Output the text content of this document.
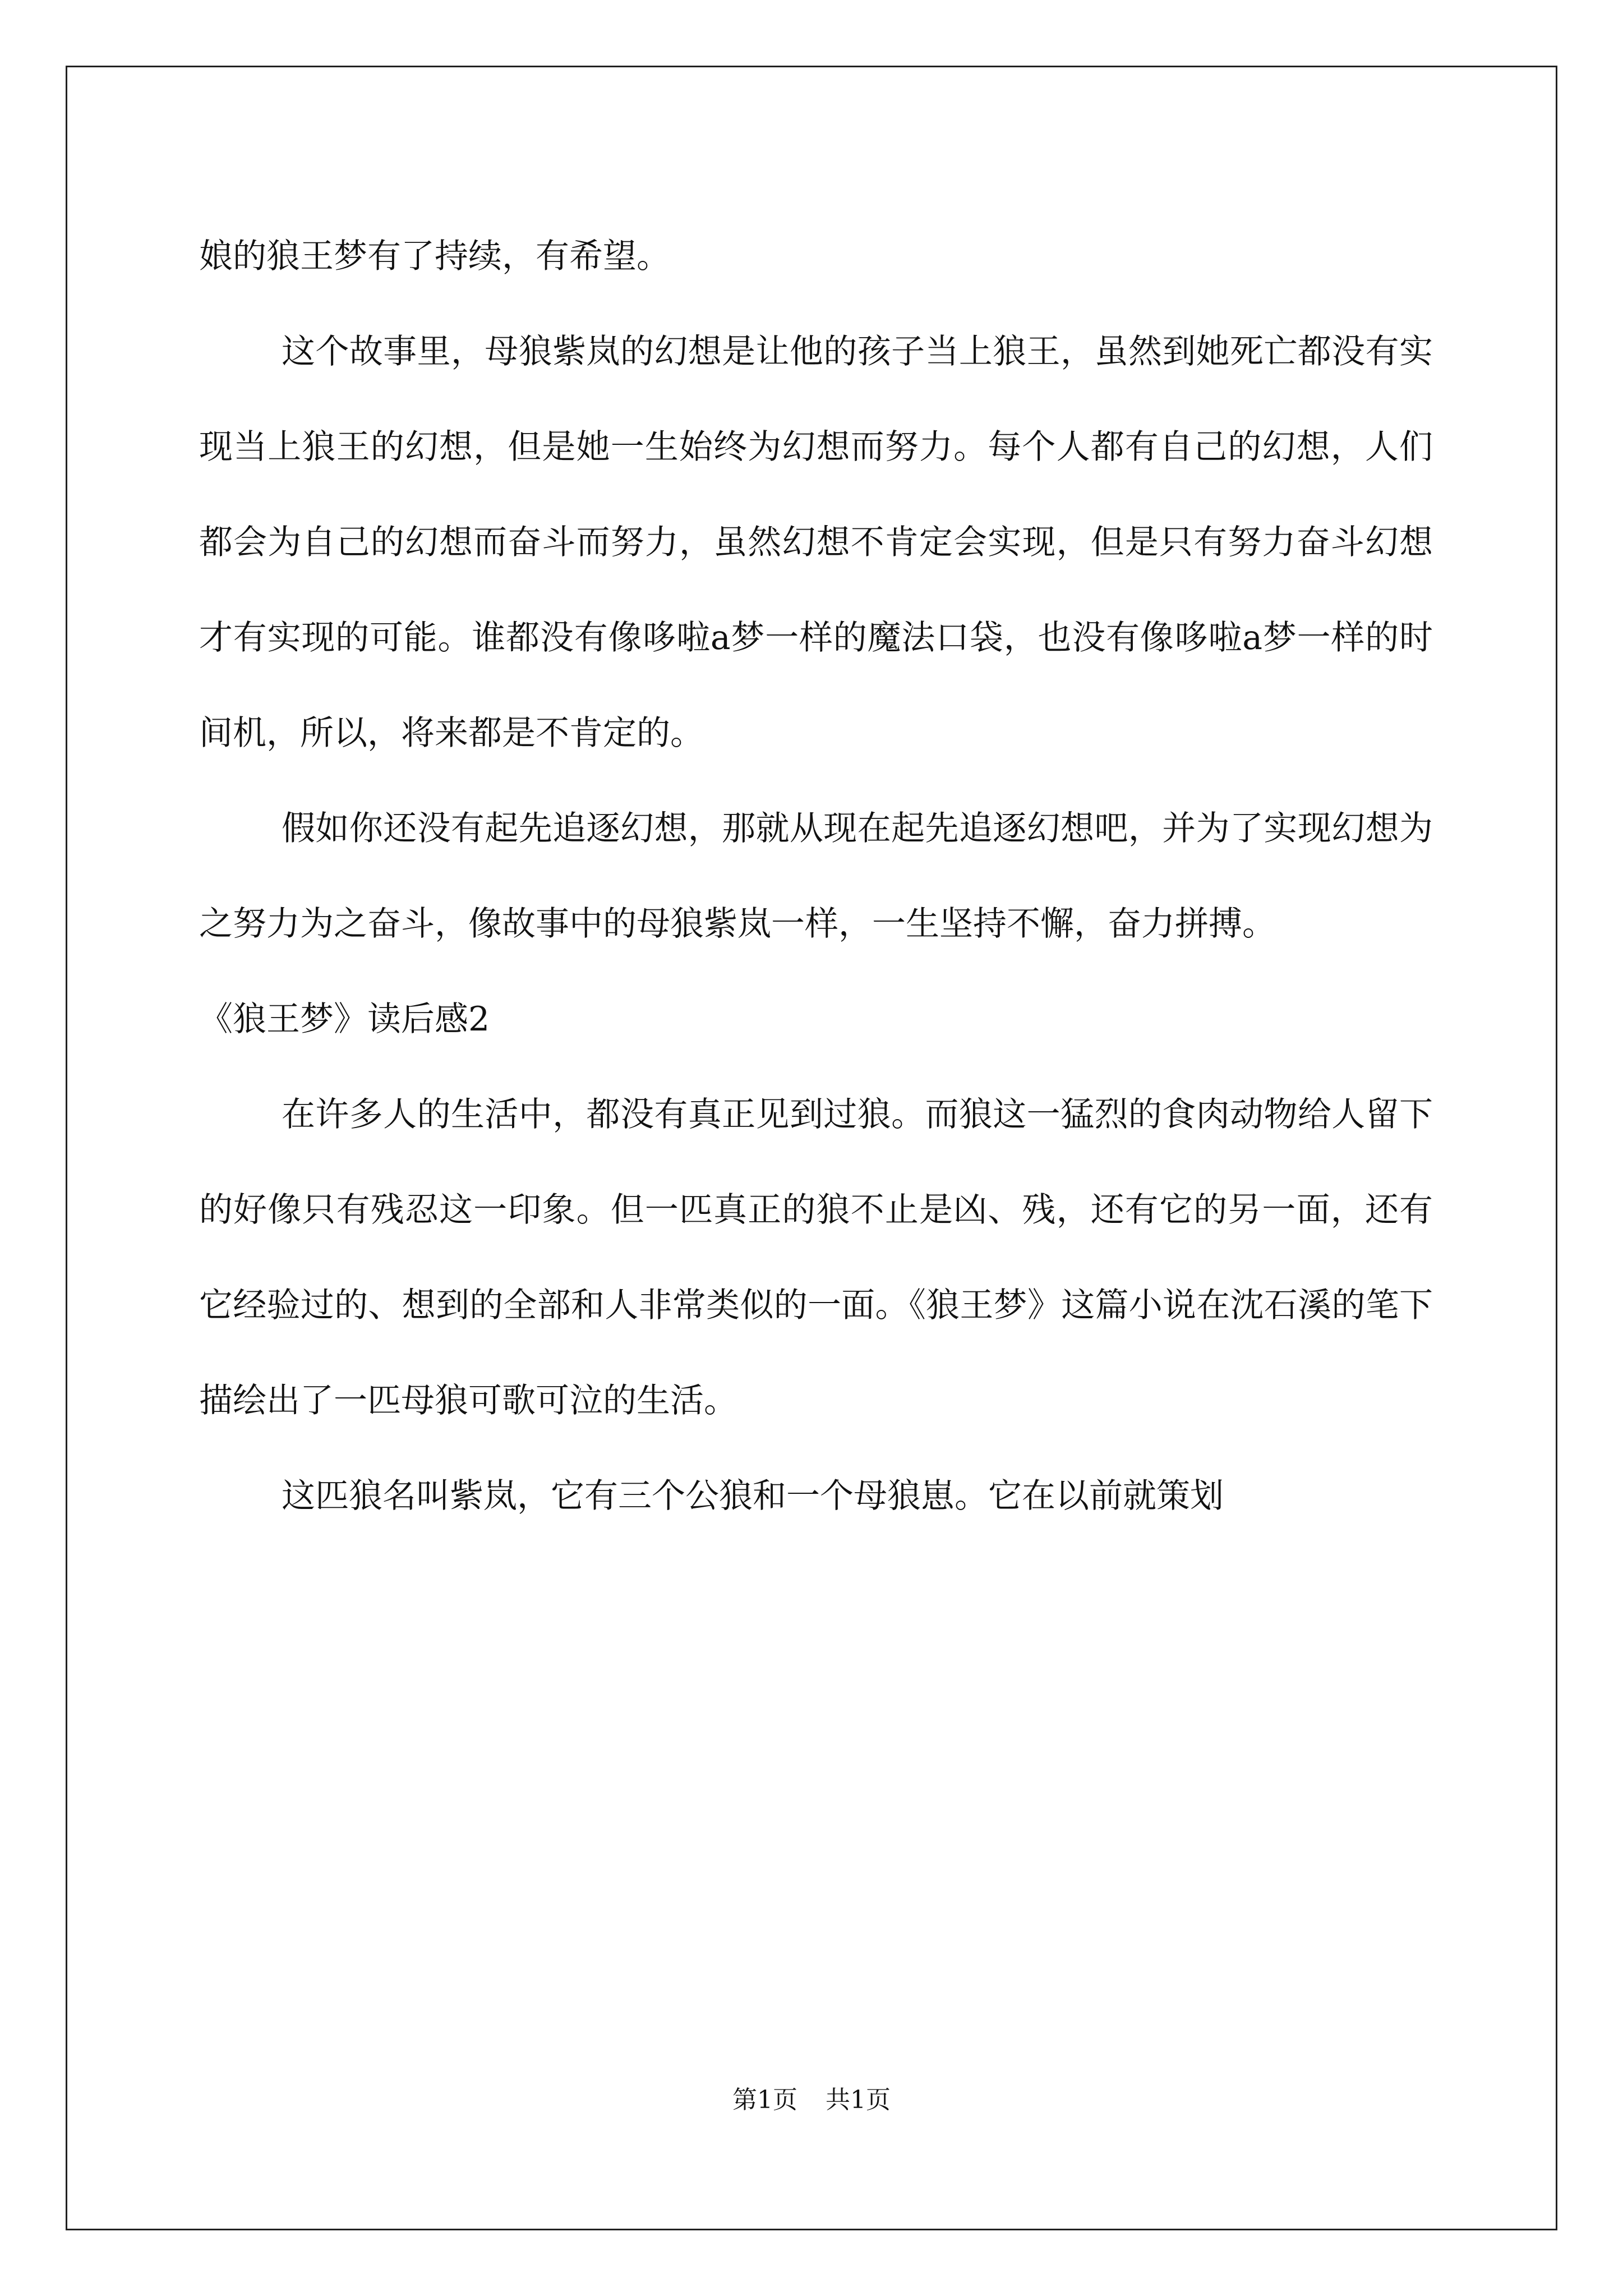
娘的狼王梦有了持续，有希望。

这个故事里，母狼紫岚的幻想是让他的孩子当上狼王，虽然到她死亡都没有实现当上狼王的幻想，但是她一生始终为幻想而努力。每个人都有自己的幻想，人们都会为自己的幻想而奋斗而努力，虽然幻想不肯定会实现，但是只有努力奋斗幻想才有实现的可能。谁都没有像哆啦a梦一样的魔法口袋，也没有像哆啦a梦一样的时间机，所以，将来都是不肯定的。

假如你还没有起先追逐幻想，那就从现在起先追逐幻想吧，并为了实现幻想为之努力为之奋斗，像故事中的母狼紫岚一样，一生坚持不懈，奋力拼搏。

《狼王梦》读后感2

在许多人的生活中，都没有真正见到过狼。而狼这一猛烈的食肉动物给人留下的好像只有残忍这一印象。但一匹真正的狼不止是凶、残，还有它的另一面，还有它经验过的、想到的全部和人非常类似的一面。《狼王梦》这篇小说在沈石溪的笔下描绘出了一匹母狼可歌可泣的生活。

这匹狼名叫紫岚，它有三个公狼和一个母狼崽。它在以前就策划

第1页 共1页
